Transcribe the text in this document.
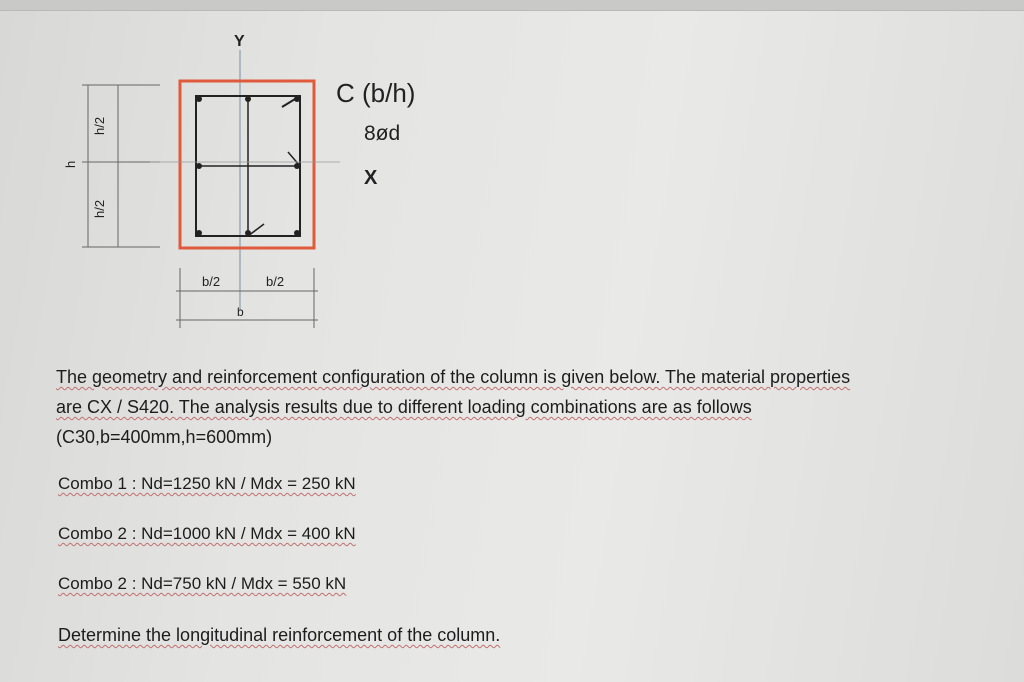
h
h/2
h/2
Y
C (b/h)
8ød
X
b/2	b/2
b
The geometry and reinforcement configuration of the column is given below. The material properties
are CX / S420. The analysis results due to different loading combinations are as follows
(C30,b=400mm,h=600mm)
Combo 1 : Nd=1250 kN / Mdx = 250 kN
Combo 2 : Nd=1000 kN / Mdx = 400 kN
Combo 2 : Nd=750 kN / Mdx = 550 kN
Determine the longitudinal reinforcement of the column.
